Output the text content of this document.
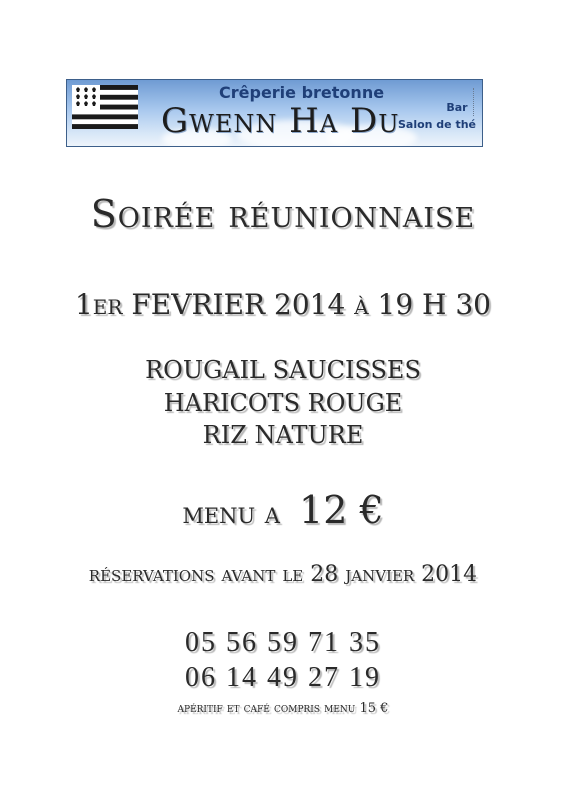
Crêperie bretonne
Gwenn Ha Du	Bar
Salon de thé
Soirée réunionnaise
1er FEVRIER 2014 à 19 H 30
ROUGAIL SAUCISSES
HARICOTS ROUGE
RIZ NATURE
menu a 12 €
réservations avant le 28 janvier 2014
05 56 59 71 35
06 14 49 27 19
apéritif et café compris menu 15 €
